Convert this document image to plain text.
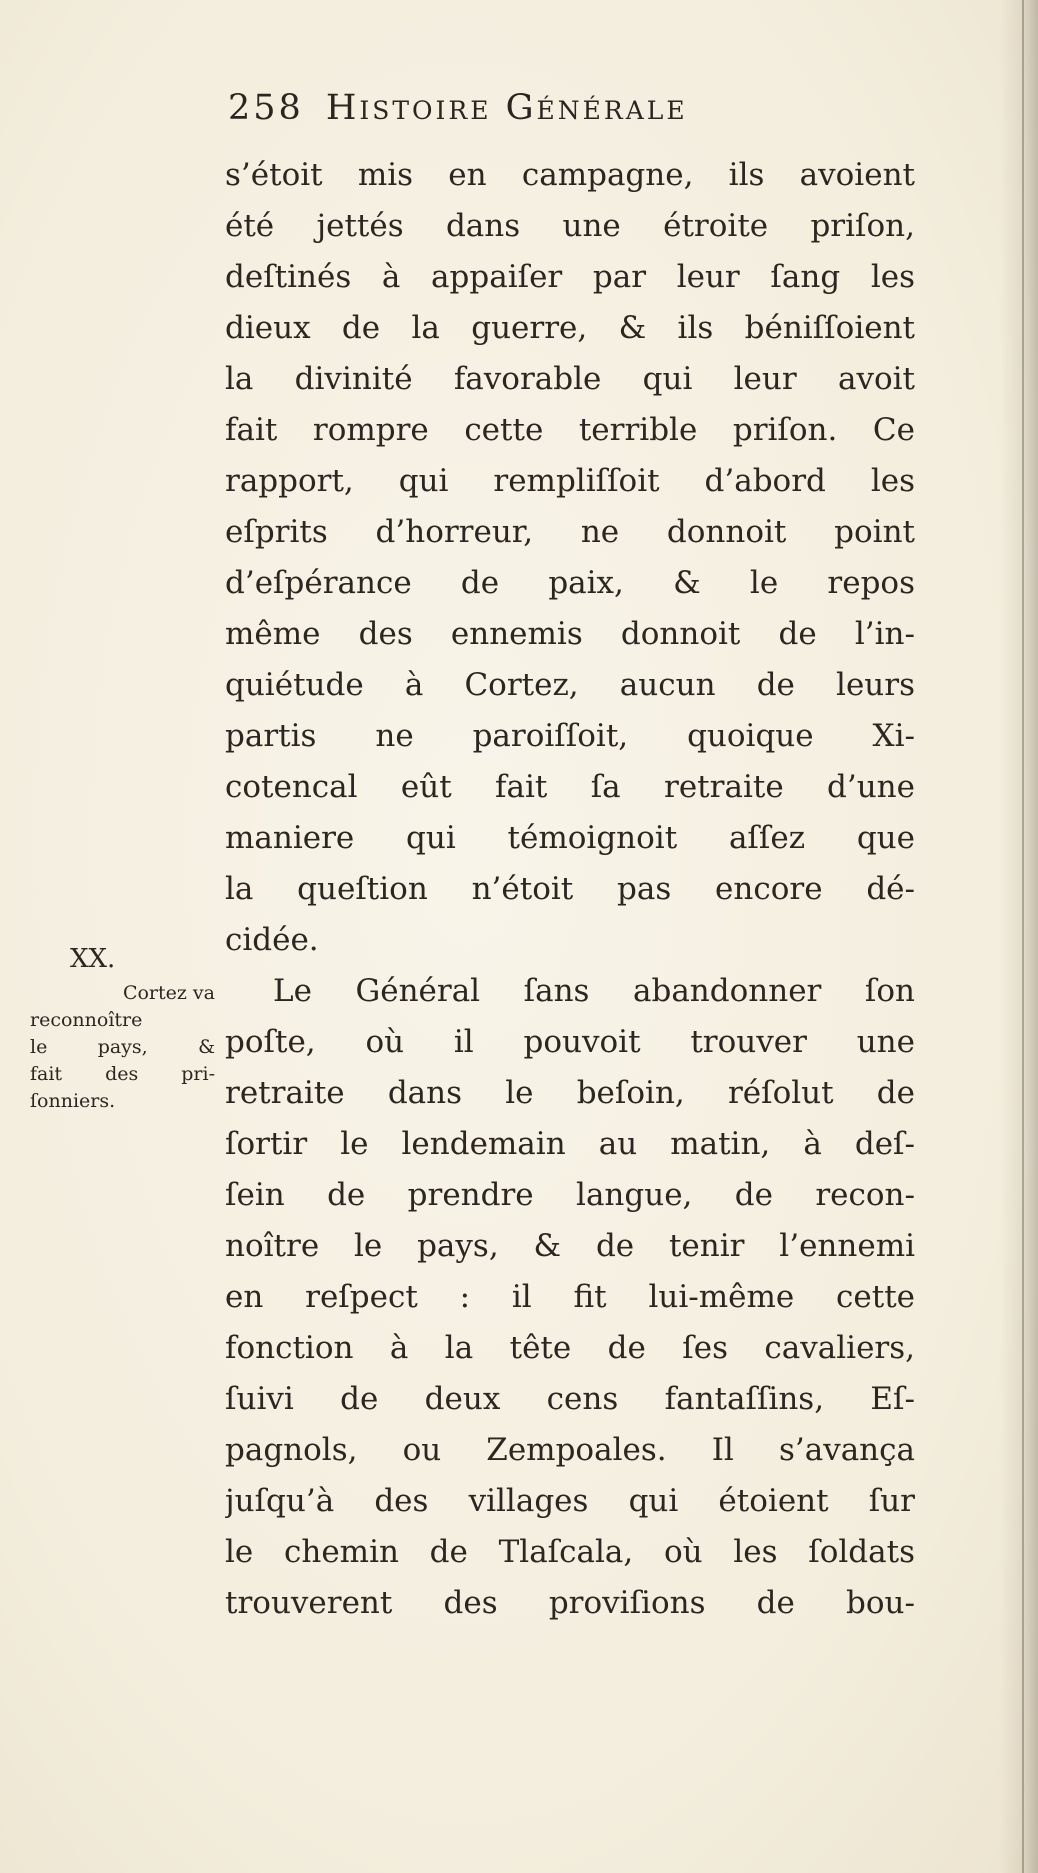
258 Histoire Générale
s’étoit mis en campagne, ils avoient
été jettés dans une étroite priſon,
deſtinés à appaiſer par leur ſang les
dieux de la guerre, & ils béniſſoient
la divinité favorable qui leur avoit
fait rompre cette terrible priſon. Ce
rapport, qui rempliſſoit d’abord les
eſprits d’horreur, ne donnoit point
d’eſpérance de paix, & le repos
même des ennemis donnoit de l’in-
quiétude à Cortez, aucun de leurs
partis ne paroiſſoit, quoique Xi-
cotencal eût fait ſa retraite d’une
maniere qui témoignoit aſſez que
la queſtion n’étoit pas encore dé-
cidée.
Le Général ſans abandonner ſon
poſte, où il pouvoit trouver une
retraite dans le beſoin, réſolut de
ſortir le lendemain au matin, à deſ-
ſein de prendre langue, de recon-
noître le pays, & de tenir l’ennemi
en reſpect : il fit lui-même cette
fonction à la tête de ſes cavaliers,
ſuivi de deux cens fantaſſins, Eſ-
pagnols, ou Zempoales. Il s’avança
juſqu’à des villages qui étoient ſur
le chemin de Tlaſcala, où les ſoldats
trouverent des proviſions de bou-
XX.
Cortez va
reconnoître
le pays, &
fait des pri-
ſonniers.
